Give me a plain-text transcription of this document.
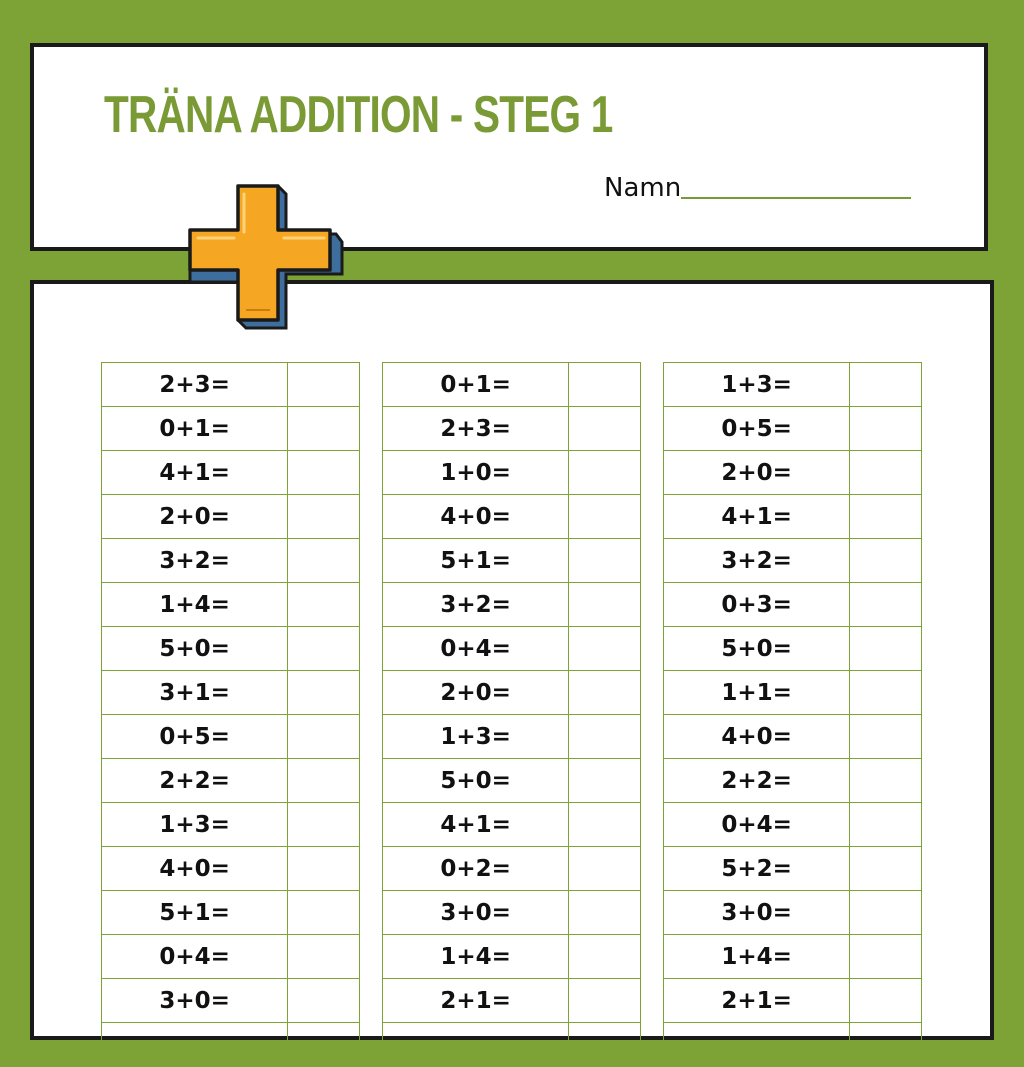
TRÄNA ADDITION - STEG 1
Namn
2+3=	
0+1=	
4+1=	
2+0=	
3+2=	
1+4=	
5+0=	
3+1=	
0+5=	
2+2=	
1+3=	
4+0=	
5+1=	
0+4=	
3+0=	

0+1=	
2+3=	
1+0=	
4+0=	
5+1=	
3+2=	
0+4=	
2+0=	
1+3=	
5+0=	
4+1=	
0+2=	
3+0=	
1+4=	
2+1=	

1+3=	
0+5=	
2+0=	
4+1=	
3+2=	
0+3=	
5+0=	
1+1=	
4+0=	
2+2=	
0+4=	
5+2=	
3+0=	
1+4=	
2+1=	
